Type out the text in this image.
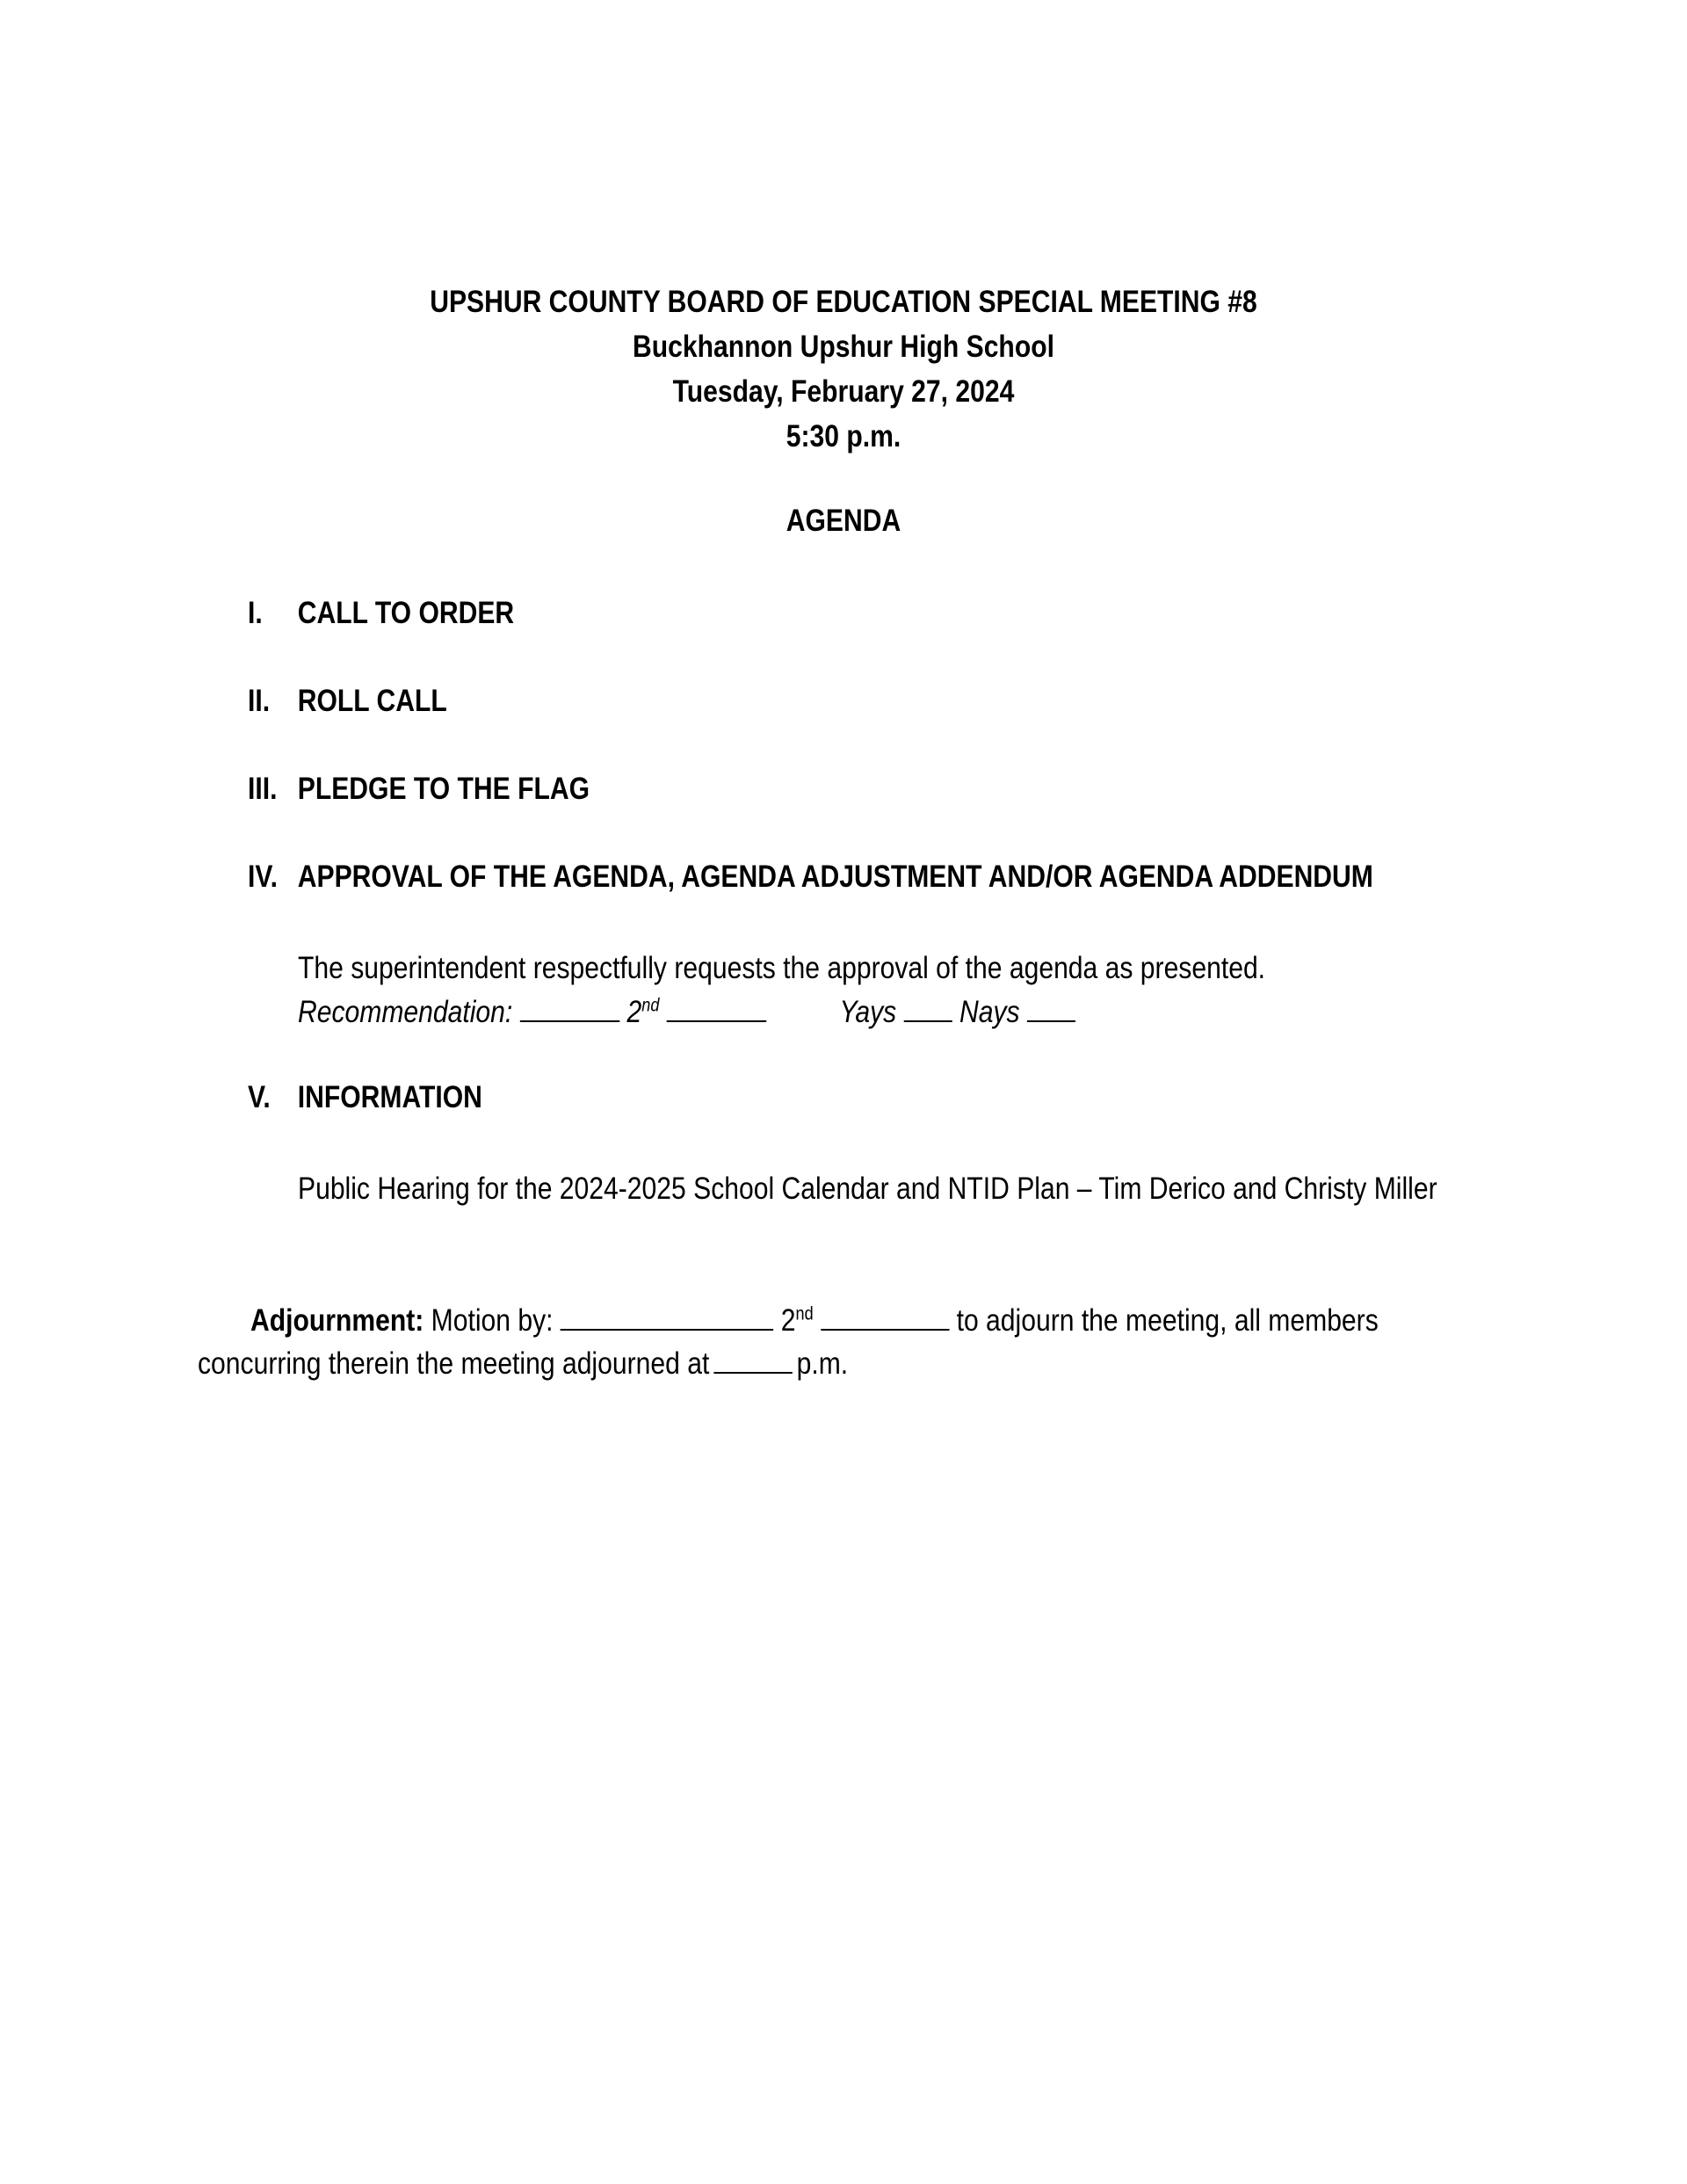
UPSHUR COUNTY BOARD OF EDUCATION SPECIAL MEETING #8
Buckhannon Upshur High School
Tuesday, February 27, 2024
5:30 p.m.
AGENDA
I. CALL TO ORDER
II. ROLL CALL
III. PLEDGE TO THE FLAG
IV. APPROVAL OF THE AGENDA, AGENDA ADJUSTMENT AND/OR AGENDA ADDENDUM
The superintendent respectfully requests the approval of the agenda as presented.
Recommendation:	2nd	Yays Nays
V. INFORMATION
Public Hearing for the 2024-2025 School Calendar and NTID Plan – Tim Derico and Christy Miller
Adjournment: Motion by:	2nd	to adjourn the meeting, all members
concurring therein the meeting adjourned at	p.m.
